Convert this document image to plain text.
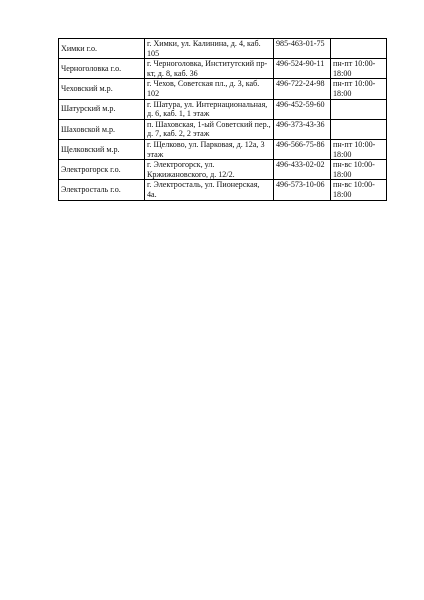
Химки г.о.	г. Химки, ул. Калинина, д. 4, каб. 105	985-463-01-75	
Черноголовка г.о.	г. Черноголовка, Институтский пр-кт, д. 8, каб. 36	496-524-90-11	пн-пт 10:00-18:00
Чеховский м.р.	г. Чехов, Советская пл., д. 3, каб. 102	496-722-24-98	пн-пт 10:00-18:00
Шатурский м.р.	г. Шатура, ул. Интернациональная, д. 6, каб. 1, 1 этаж	496-452-59-60	
Шаховской м.р.	п. Шаховская, 1-ый Советский пер., д. 7, каб. 2, 2 этаж	496-373-43-36	
Щелковский м.р.	г. Щелково, ул. Парковая, д. 12а, 3 этаж	496-566-75-86	пн-пт 10:00-18:00
Электрогорск г.о.	г. Электрогорск, ул. Кржижановского, д. 12/2.	496-433-02-02	пн-вс 10:00-18:00
Электросталь г.о.	г. Электросталь, ул. Пионерская, 4а.	496-573-10-06	пн-вс 10:00-18:00
